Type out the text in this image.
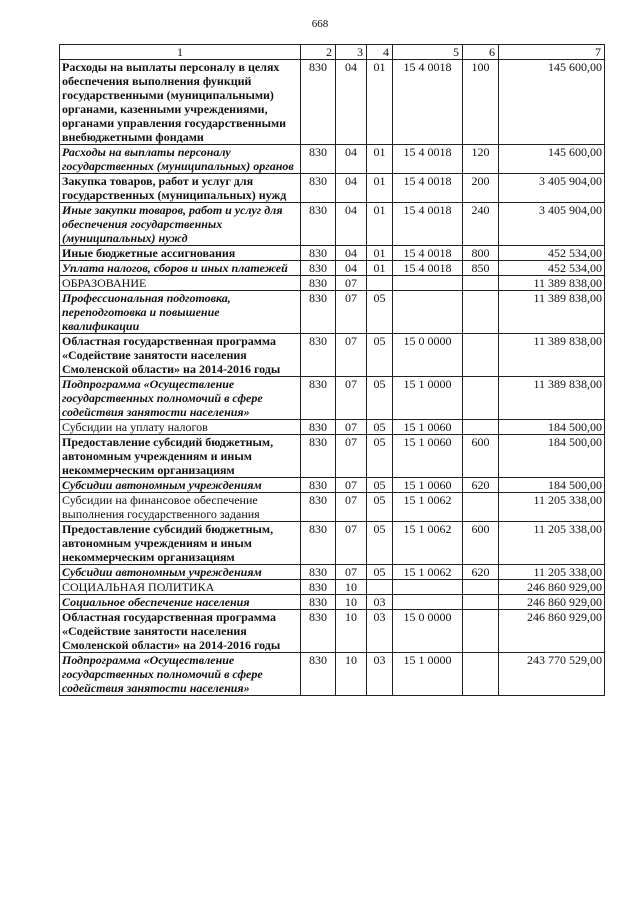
668
1	2	3	4	5	6	7
Расходы на выплаты персоналу в целях обеспечения выполнения функций государственными (муниципальными) органами, казенными учреждениями, органами управления государственными внебюджетными фондами	830	04	01	15 4 0018	100	145 600,00
Расходы на выплаты персоналу государственных (муниципальных) органов	830	04	01	15 4 0018	120	145 600,00
Закупка товаров, работ и услуг для государственных (муниципальных) нужд	830	04	01	15 4 0018	200	3 405 904,00
Иные закупки товаров, работ и услуг для обеспечения государственных (муниципальных) нужд	830	04	01	15 4 0018	240	3 405 904,00
Иные бюджетные ассигнования	830	04	01	15 4 0018	800	452 534,00
Уплата налогов, сборов и иных платежей	830	04	01	15 4 0018	850	452 534,00
ОБРАЗОВАНИЕ	830	07				11 389 838,00
Профессиональная подготовка, переподготовка и повышение квалификации	830	07	05			11 389 838,00
Областная государственная программа «Содействие занятости населения Смоленской области» на 2014-2016 годы	830	07	05	15 0 0000		11 389 838,00
Подпрограмма «Осуществление государственных полномочий в сфере содействия занятости населения»	830	07	05	15 1 0000		11 389 838,00
Субсидии на уплату налогов	830	07	05	15 1 0060		184 500,00
Предоставление субсидий бюджетным, автономным учреждениям и иным некоммерческим организациям	830	07	05	15 1 0060	600	184 500,00
Субсидии автономным учреждениям	830	07	05	15 1 0060	620	184 500,00
Субсидии на финансовое обеспечение выполнения государственного задания	830	07	05	15 1 0062		11 205 338,00
Предоставление субсидий бюджетным, автономным учреждениям и иным некоммерческим организациям	830	07	05	15 1 0062	600	11 205 338,00
Субсидии автономным учреждениям	830	07	05	15 1 0062	620	11 205 338,00
СОЦИАЛЬНАЯ ПОЛИТИКА	830	10				246 860 929,00
Социальное обеспечение населения	830	10	03			246 860 929,00
Областная государственная программа «Содействие занятости населения Смоленской области» на 2014-2016 годы	830	10	03	15 0 0000		246 860 929,00
Подпрограмма «Осуществление государственных полномочий в сфере содействия занятости населения»	830	10	03	15 1 0000		243 770 529,00
